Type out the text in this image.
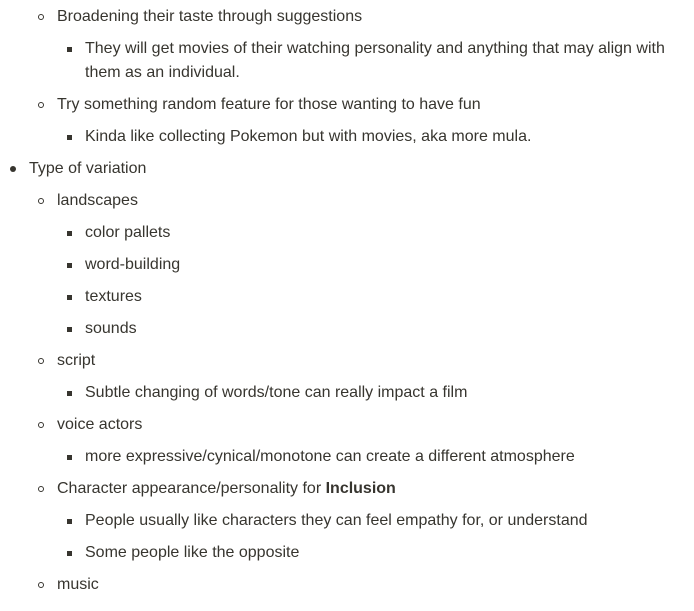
Broadening their taste through suggestions
They will get movies of their watching personality and anything that may align with them as an individual.
Try something random feature for those wanting to have fun
Kinda like collecting Pokemon but with movies, aka more mula.
Type of variation
landscapes
color pallets
word-building
textures
sounds
script
Subtle changing of words/tone can really impact a film
voice actors
more expressive/cynical/monotone can create a different atmosphere
Character appearance/personality for Inclusion
People usually like characters they can feel empathy for, or understand
Some people like the opposite
music
